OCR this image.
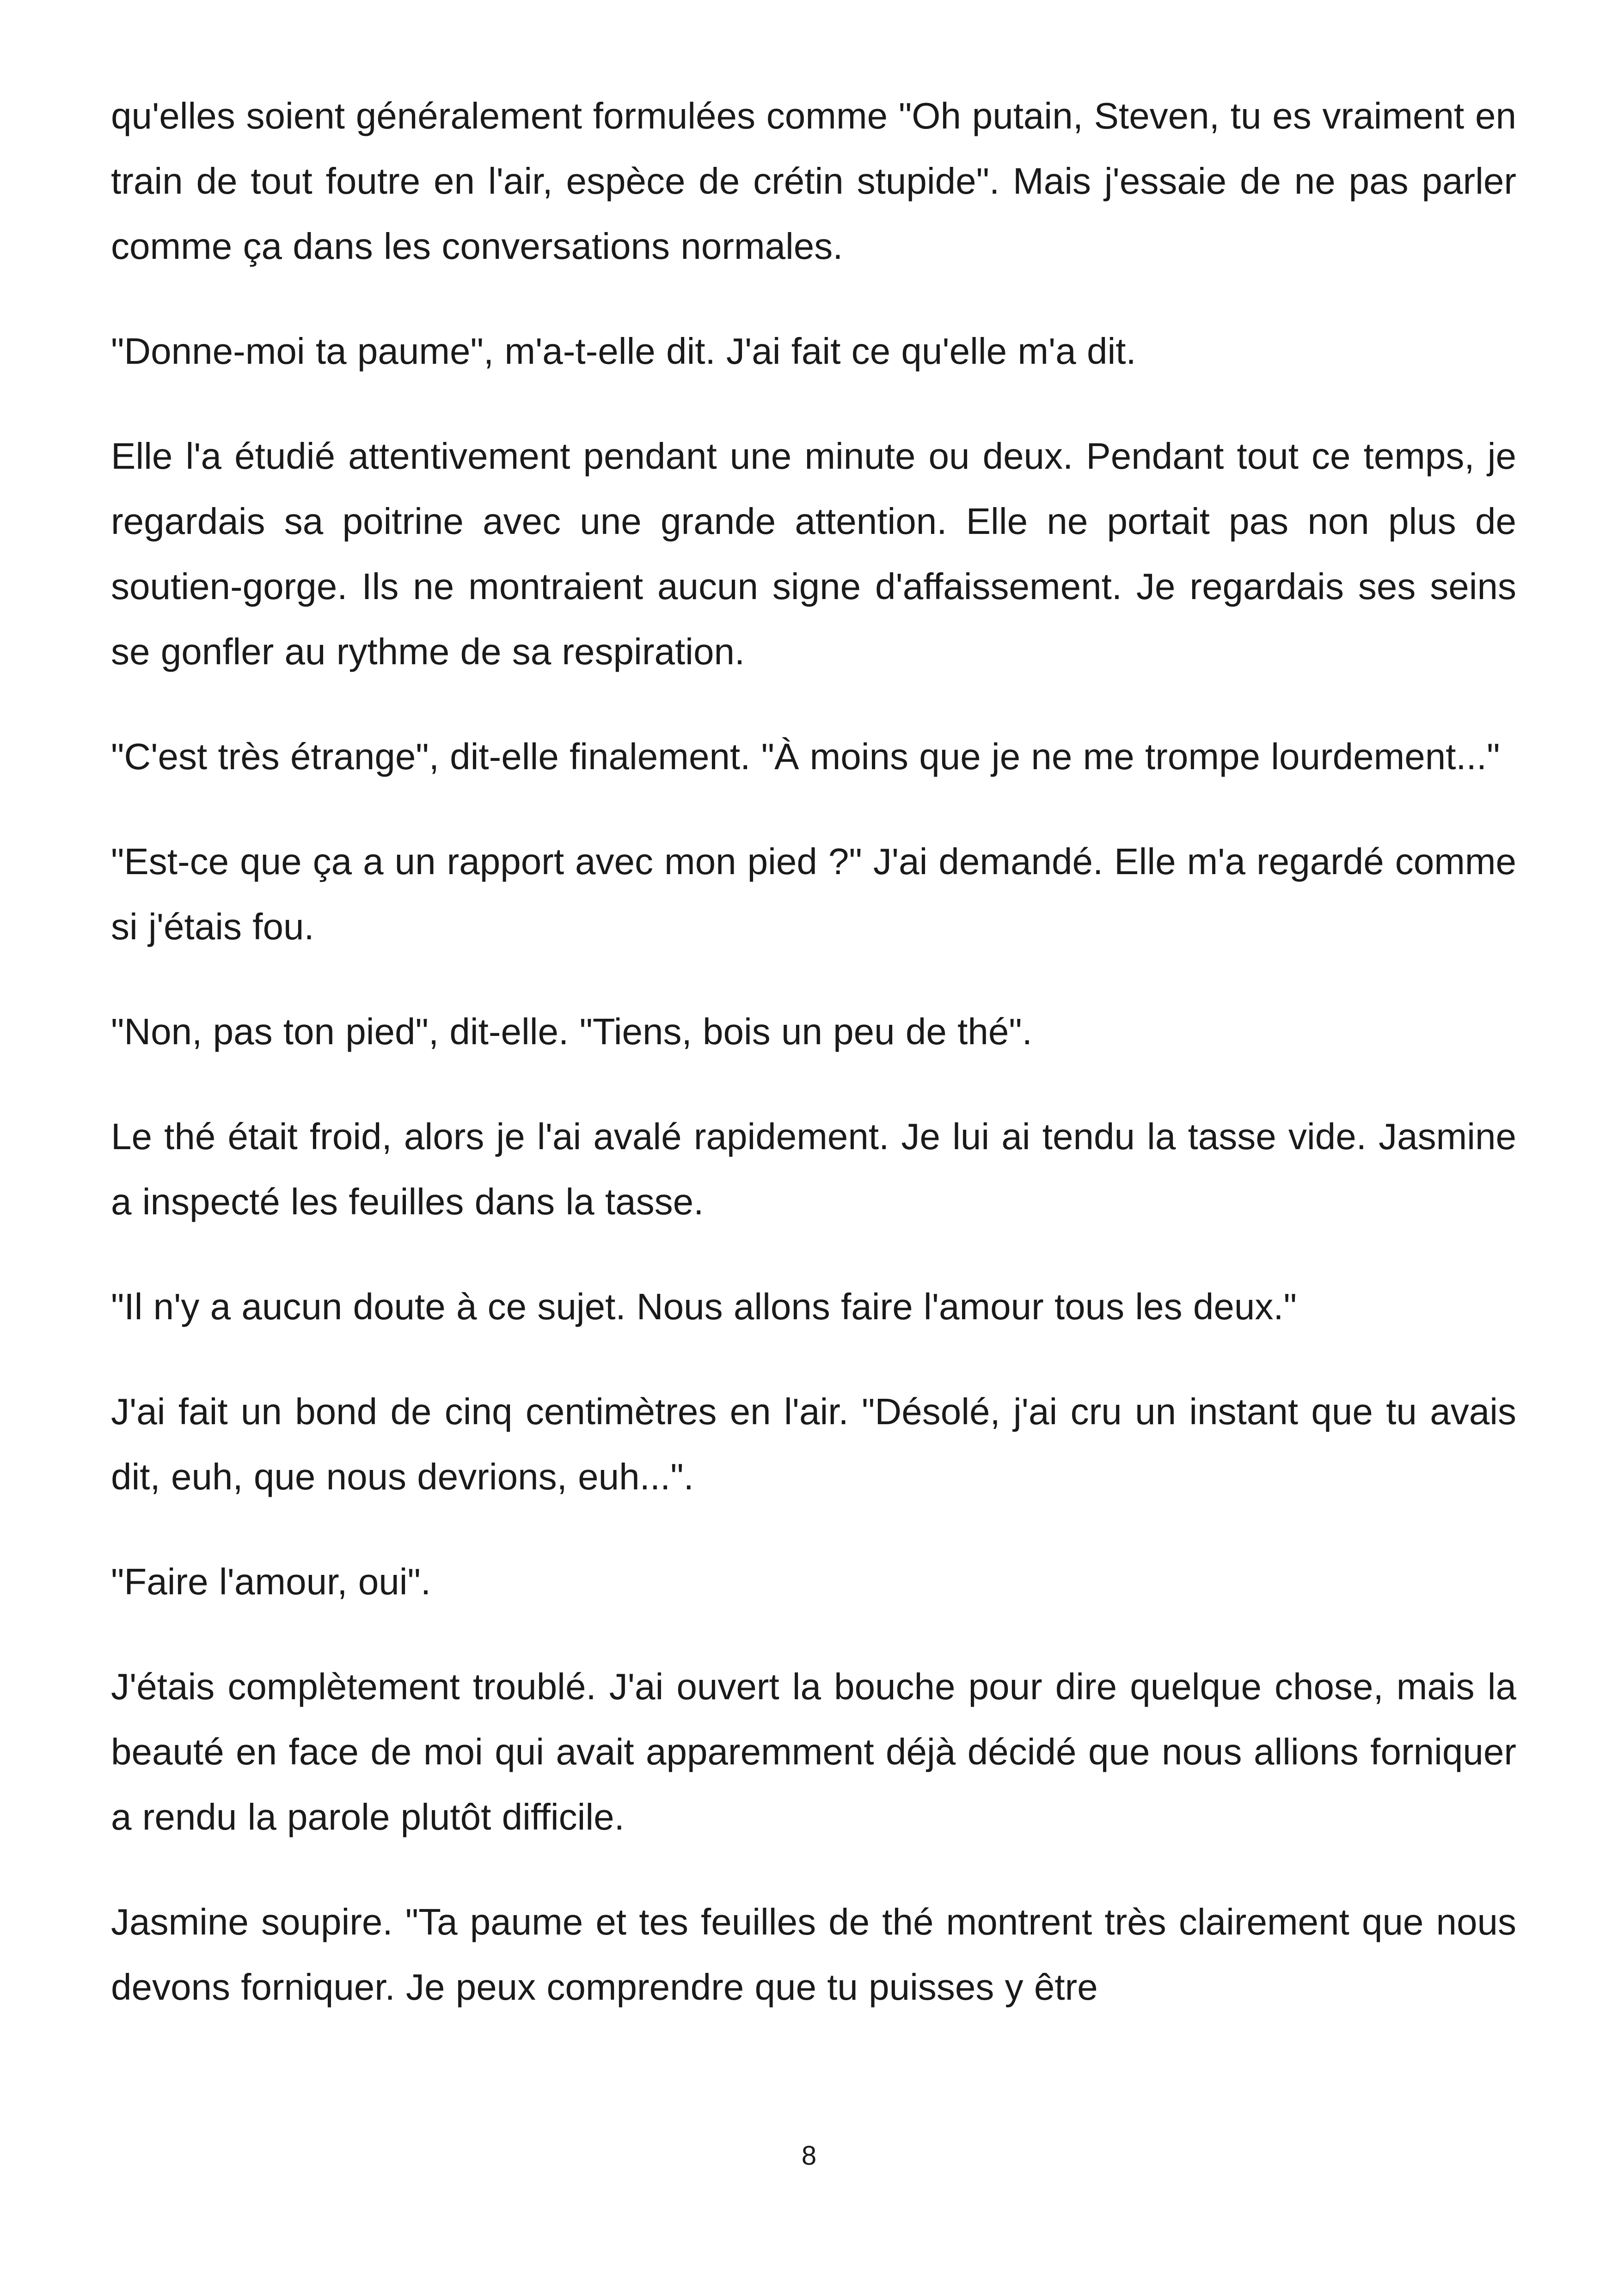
qu'elles soient généralement formulées comme "Oh putain, Steven, tu es vraiment en train de tout foutre en l'air, espèce de crétin stupide". Mais j'essaie de ne pas parler comme ça dans les conversations normales.

"Donne-moi ta paume", m'a-t-elle dit. J'ai fait ce qu'elle m'a dit.

Elle l'a étudié attentivement pendant une minute ou deux. Pendant tout ce temps, je regardais sa poitrine avec une grande attention. Elle ne portait pas non plus de soutien-gorge. Ils ne montraient aucun signe d'affaissement. Je regardais ses seins se gonfler au rythme de sa respiration.

"C'est très étrange", dit-elle finalement. "À moins que je ne me trompe lourdement..."

"Est-ce que ça a un rapport avec mon pied ?" J'ai demandé. Elle m'a regardé comme si j'étais fou.

"Non, pas ton pied", dit-elle. "Tiens, bois un peu de thé".

Le thé était froid, alors je l'ai avalé rapidement. Je lui ai tendu la tasse vide. Jasmine a inspecté les feuilles dans la tasse.

"Il n'y a aucun doute à ce sujet. Nous allons faire l'amour tous les deux."

J'ai fait un bond de cinq centimètres en l'air. "Désolé, j'ai cru un instant que tu avais dit, euh, que nous devrions, euh...".

"Faire l'amour, oui".

J'étais complètement troublé. J'ai ouvert la bouche pour dire quelque chose, mais la beauté en face de moi qui avait apparemment déjà décidé que nous allions forniquer a rendu la parole plutôt difficile.

Jasmine soupire. "Ta paume et tes feuilles de thé montrent très clairement que nous devons forniquer. Je peux comprendre que tu puisses y être

8
